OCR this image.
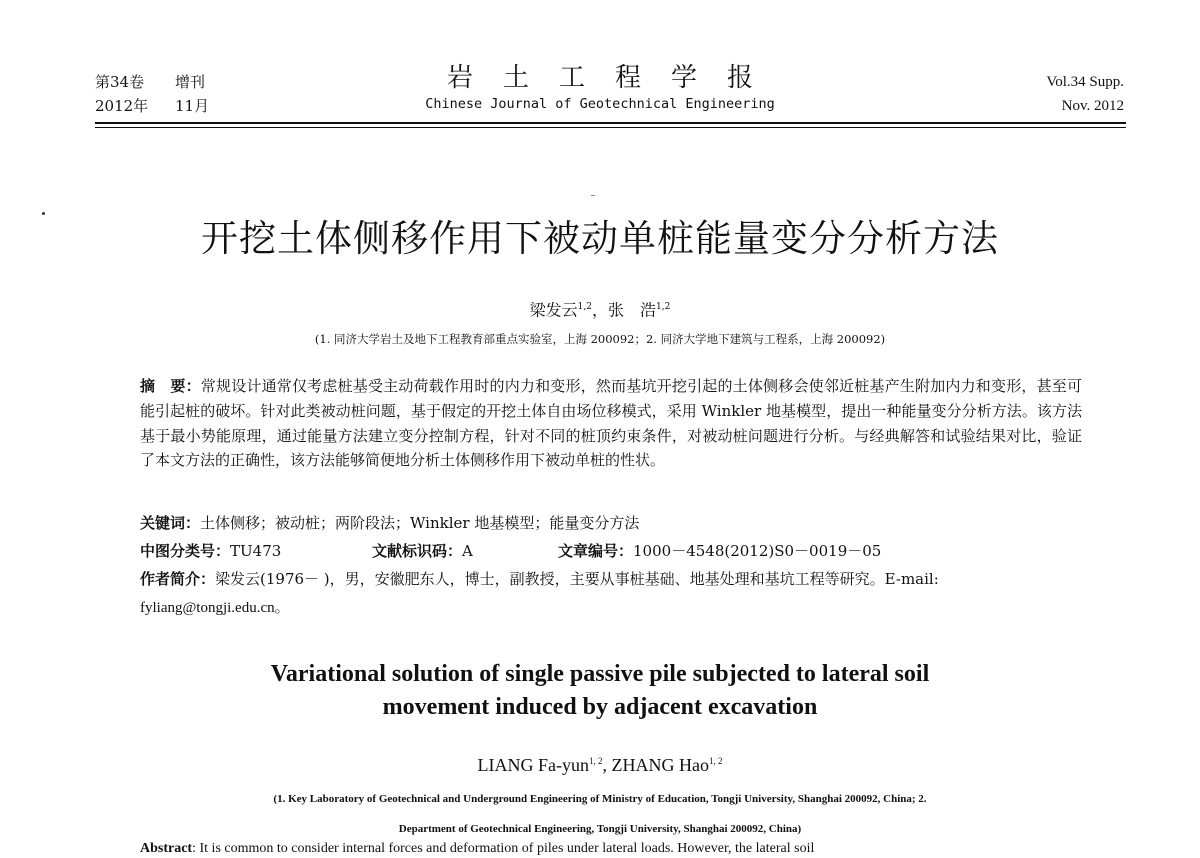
第34卷 增刊
2012年 11月
岩土工程学报
Chinese Journal of Geotechnical Engineering
Vol.34 Supp.
Nov. 2012
开挖土体侧移作用下被动单桩能量变分分析方法
梁发云$^{1,2}$，张　浩$^{1,2}$
(1. 同济大学岩土及地下工程教育部重点实验室，上海 200092；2. 同济大学地下建筑与工程系，上海 200092)
摘　要：常规设计通常仅考虑桩基受主动荷载作用时的内力和变形，然而基坑开挖引起的土体侧移会使邻近桩基产生附加内力和变形，甚至可能引起桩的破坏。针对此类被动桩问题，基于假定的开挖土体自由场位移模式，采用 Winkler 地基模型，提出一种能量变分分析方法。该方法基于最小势能原理，通过能量方法建立变分控制方程，针对不同的桩顶约束条件，对被动桩问题进行分析。与经典解答和试验结果对比，验证了本文方法的正确性，该方法能够简便地分析土体侧移作用下被动单桩的性状。
关键词：土体侧移；被动桩；两阶段法；Winkler 地基模型；能量变分方法
中图分类号：TU473	文献标识码：A	文章编号：1000－4548(2012)S0－0019－05
作者简介：梁发云(1976－ )，男，安徽肥东人，博士，副教授，主要从事桩基础、地基处理和基坑工程等研究。E-mail:
fyliang@tongji.edu.cn。
Variational solution of single passive pile subjected to lateral soil
movement induced by adjacent excavation
LIANG Fa-yun$^{1, 2}$, ZHANG Hao$^{1, 2}$
(1. Key Laboratory of Geotechnical and Underground Engineering of Ministry of Education, Tongji University, Shanghai 200092, China; 2.
Department of Geotechnical Engineering, Tongji University, Shanghai 200092, China)
Abstract: It is common to consider internal forces and deformation of piles under lateral loads. However, the lateral soil
